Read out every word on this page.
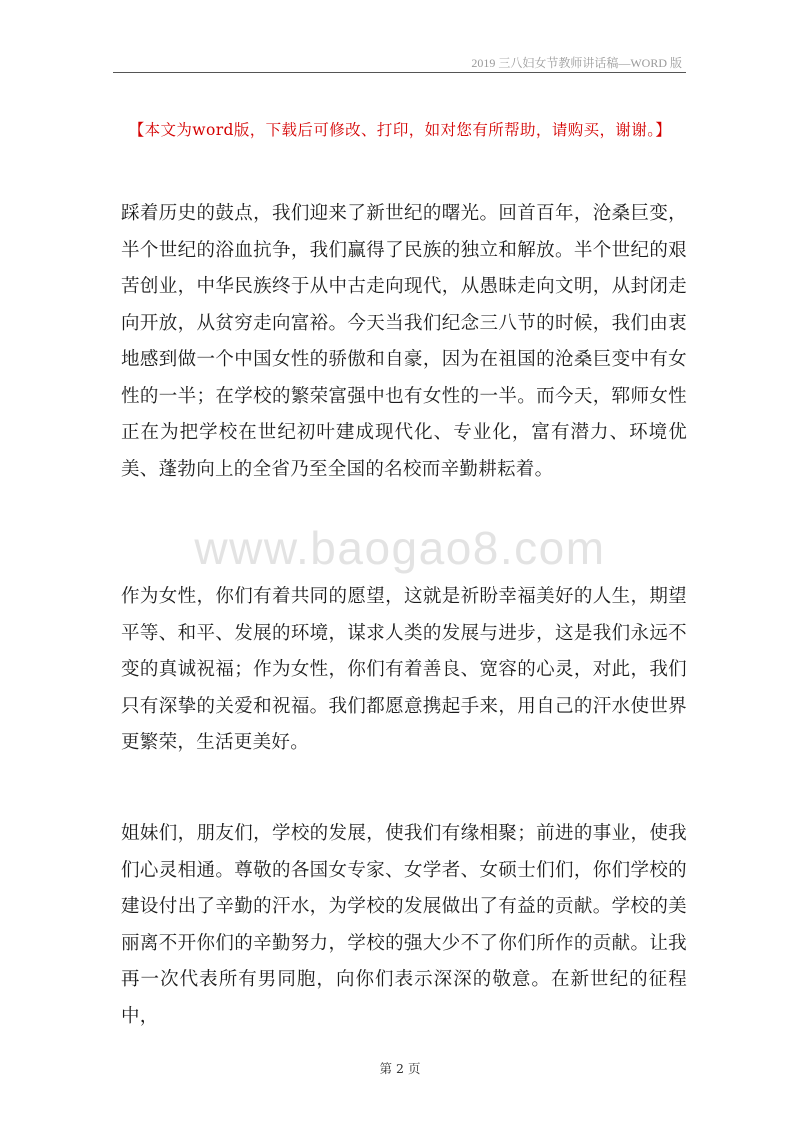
2019 三八妇女节教师讲话稿—WORD 版
【本文为word版，下载后可修改、打印，如对您有所帮助，请购买，谢谢。】

踩着历史的鼓点，我们迎来了新世纪的曙光。回首百年，沧桑巨变，半个世纪的浴血抗争，我们赢得了民族的独立和解放。半个世纪的艰苦创业，中华民族终于从中古走向现代，从愚昧走向文明，从封闭走向开放，从贫穷走向富裕。今天当我们纪念三八节的时候，我们由衷地感到做一个中国女性的骄傲和自豪，因为在祖国的沧桑巨变中有女性的一半；在学校的繁荣富强中也有女性的一半。而今天，郓师女性正在为把学校在世纪初叶建成现代化、专业化，富有潜力、环境优美、蓬勃向上的全省乃至全国的名校而辛勤耕耘着。

www.baogao8.com

作为女性，你们有着共同的愿望，这就是祈盼幸福美好的人生，期望平等、和平、发展的环境，谋求人类的发展与进步，这是我们永远不变的真诚祝福；作为女性，你们有着善良、宽容的心灵，对此，我们只有深挚的关爱和祝福。我们都愿意携起手来，用自己的汗水使世界更繁荣，生活更美好。

姐妹们，朋友们，学校的发展，使我们有缘相聚；前进的事业，使我们心灵相通。尊敬的各国女专家、女学者、女硕士们们，你们学校的建设付出了辛勤的汗水，为学校的发展做出了有益的贡献。学校的美丽离不开你们的辛勤努力，学校的强大少不了你们所作的贡献。让我再一次代表所有男同胞，向你们表示深深的敬意。在新世纪的征程中，

第 2 页
